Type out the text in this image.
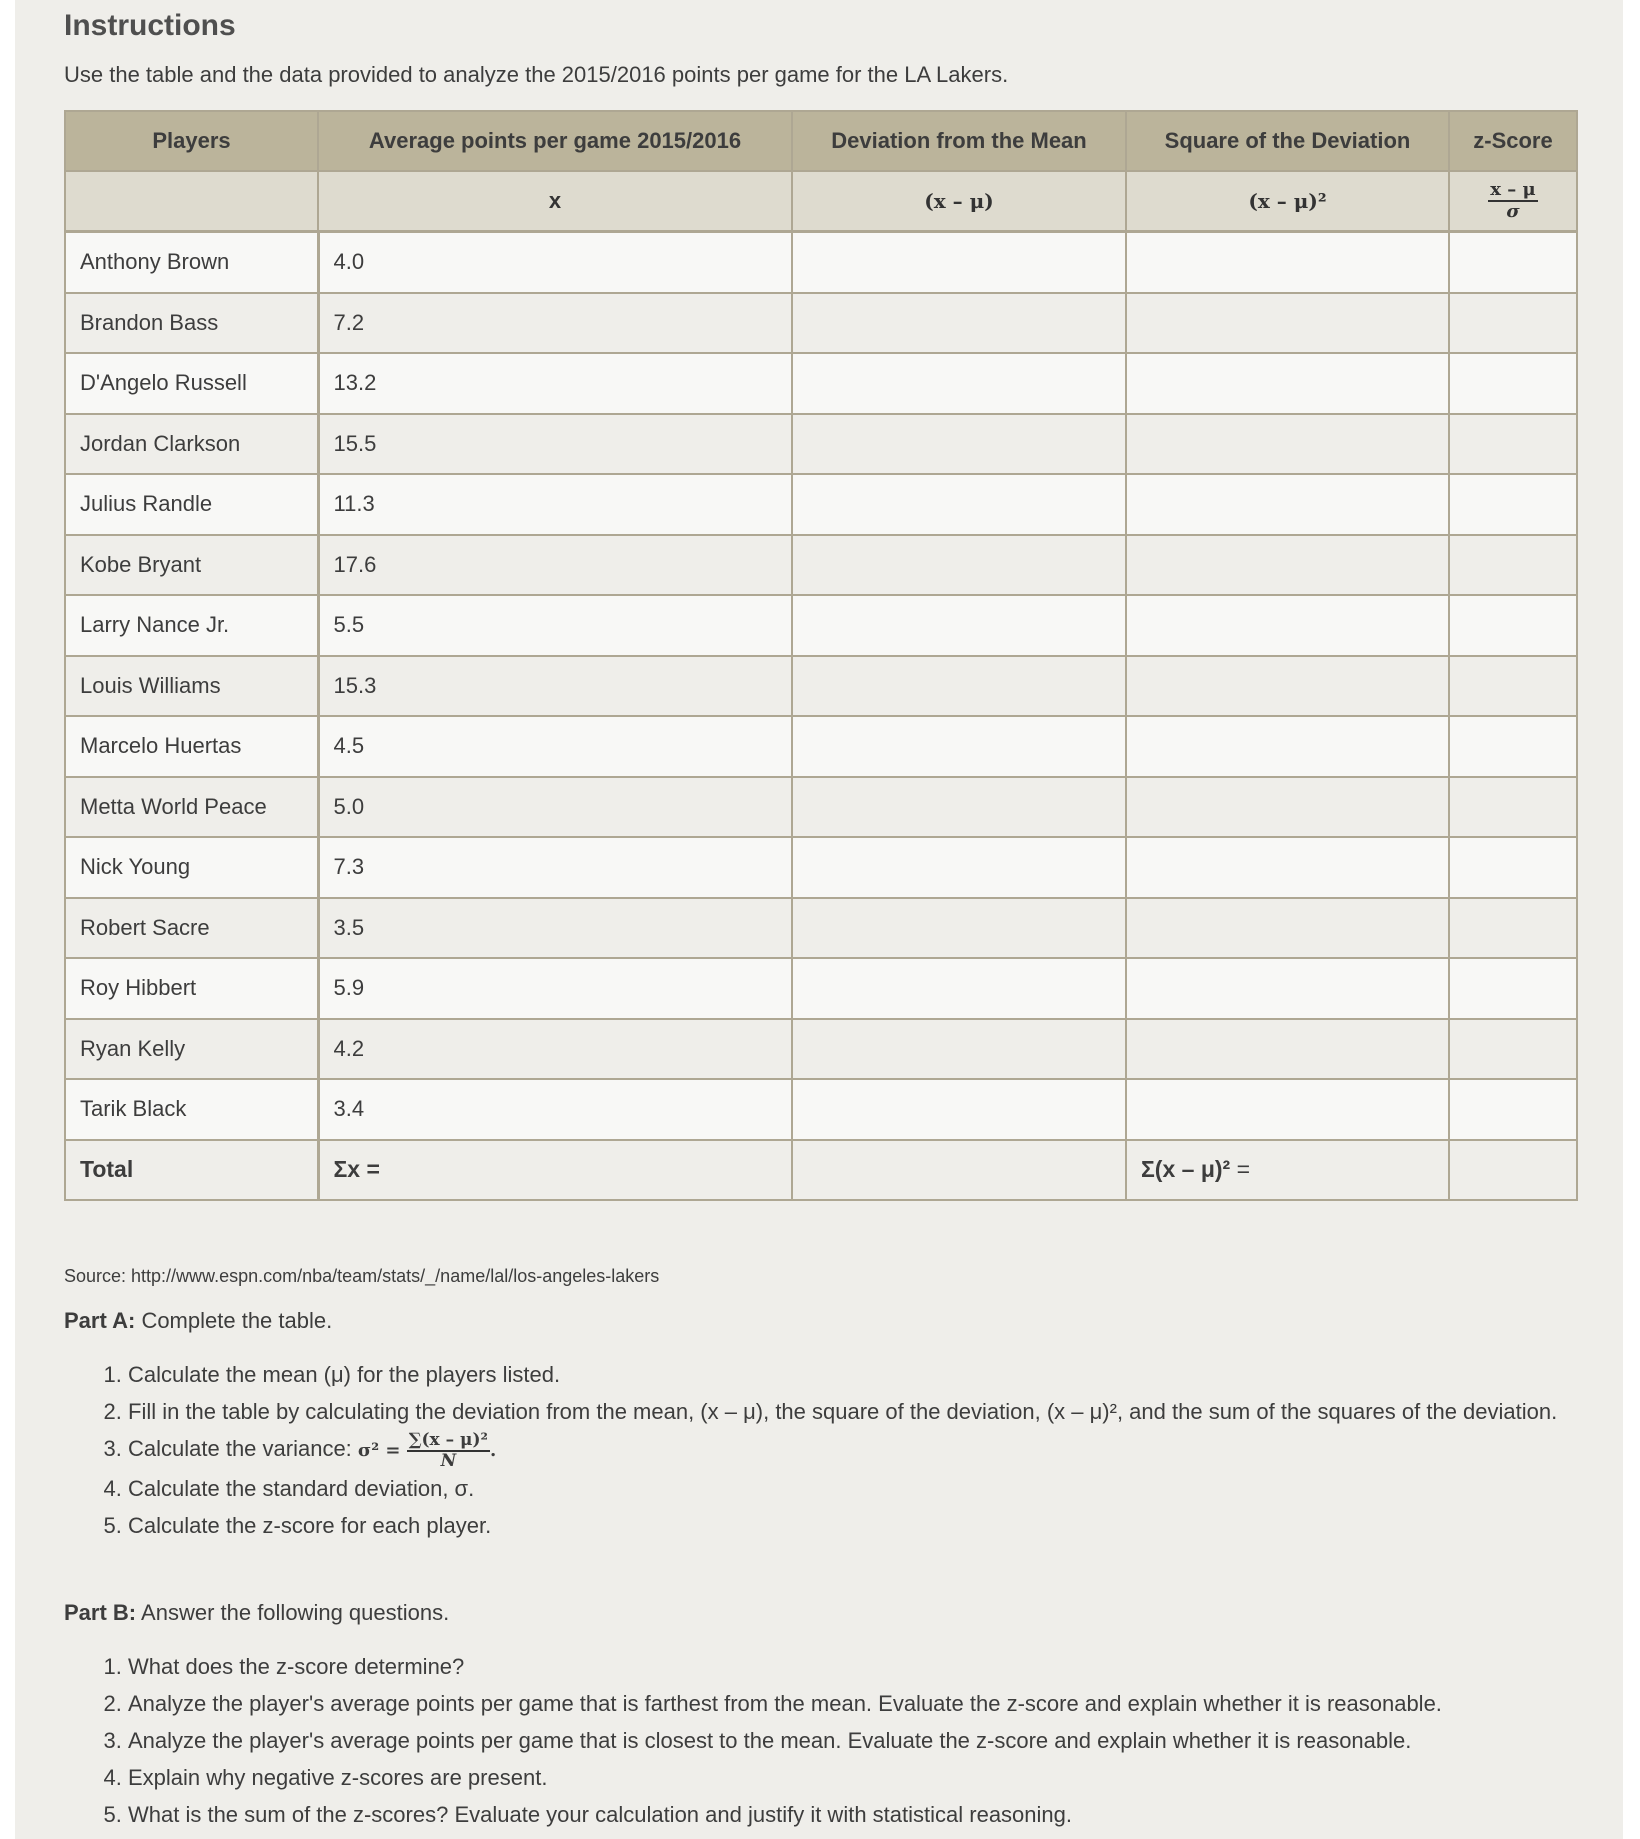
Instructions

Use the table and the data provided to analyze the 2015/2016 points per game for the LA Lakers.

Players	Average points per game 2015/2016	Deviation from the Mean	Square of the Deviation	z-Score
	x	(x – μ)	(x – μ)²	$\frac{x - \mu}{\sigma}$

Anthony Brown	4.0			
Brandon Bass	7.2			
D'Angelo Russell	13.2			
Jordan Clarkson	15.5			
Julius Randle	11.3			
Kobe Bryant	17.6			
Larry Nance Jr.	5.5			
Louis Williams	15.3			
Marcelo Huertas	4.5			
Metta World Peace	5.0			
Nick Young	7.3			
Robert Sacre	3.5			
Roy Hibbert	5.9			
Ryan Kelly	4.2			
Tarik Black	3.4			
Total	Σx =		Σ(x – μ)² =	

Source: http://www.espn.com/nba/team/stats/_/name/lal/los-angeles-lakers

Part A: Complete the table.

1. Calculate the mean (μ) for the players listed.
2. Fill in the table by calculating the deviation from the mean, (x – μ), the square of the deviation, (x – μ)², and the sum of the squares of the deviation.
3. Calculate the variance: $\sigma^2 = \frac{\text{∑(x – μ)²}}{N}$ .
4. Calculate the standard deviation, σ.
5. Calculate the z-score for each player.

Part B: Answer the following questions.

1. What does the z-score determine?
2. Analyze the player's average points per game that is farthest from the mean. Evaluate the z-score and explain whether it is reasonable.
3. Analyze the player's average points per game that is closest to the mean. Evaluate the z-score and explain whether it is reasonable.
4. Explain why negative z-scores are present.
5. What is the sum of the z-scores? Evaluate your calculation and justify it with statistical reasoning.
